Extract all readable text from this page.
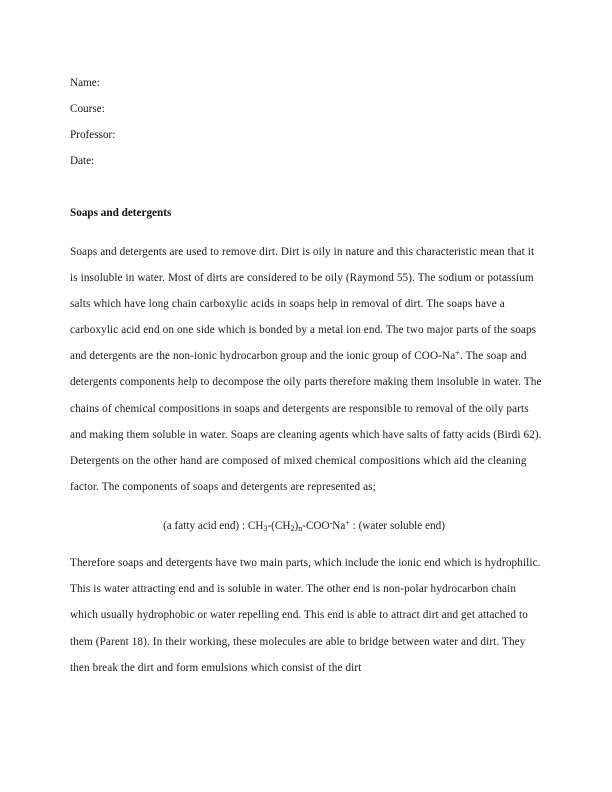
Name:
Course:
Professor:
Date:
Soaps and detergents

Soaps and detergents are used to remove dirt. Dirt is oily in nature and this characteristic mean that it is insoluble in water. Most of dirts are considered to be oily (Raymond 55). The sodium or potassium salts which have long chain carboxylic acids in soaps help in removal of dirt. The soaps have a carboxylic acid end on one side which is bonded by a metal ion end. The two major parts of the soaps and detergents are the non-ionic hydrocarbon group and the ionic group of COO-Na+. The soap and detergents components help to decompose the oily parts therefore making them insoluble in water. The chains of chemical compositions in soaps and detergents are responsible to removal of the oily parts and making them soluble in water. Soaps are cleaning agents which have salts of fatty acids (Birdi 62). Detergents on the other hand are composed of mixed chemical compositions which aid the cleaning factor. The components of soaps and detergents are represented as;

(a fatty acid end) : $CH_3-(CH_2)_n-COO^-Na^+$ : (water soluble end)

Therefore soaps and detergents have two main parts, which include the ionic end which is hydrophilic. This is water attracting end and is soluble in water. The other end is non-polar hydrocarbon chain which usually hydrophobic or water repelling end. This end is able to attract dirt and get attached to them (Parent 18). In their working, these molecules are able to bridge between water and dirt. They then break the dirt and form emulsions which consist of the dirt
